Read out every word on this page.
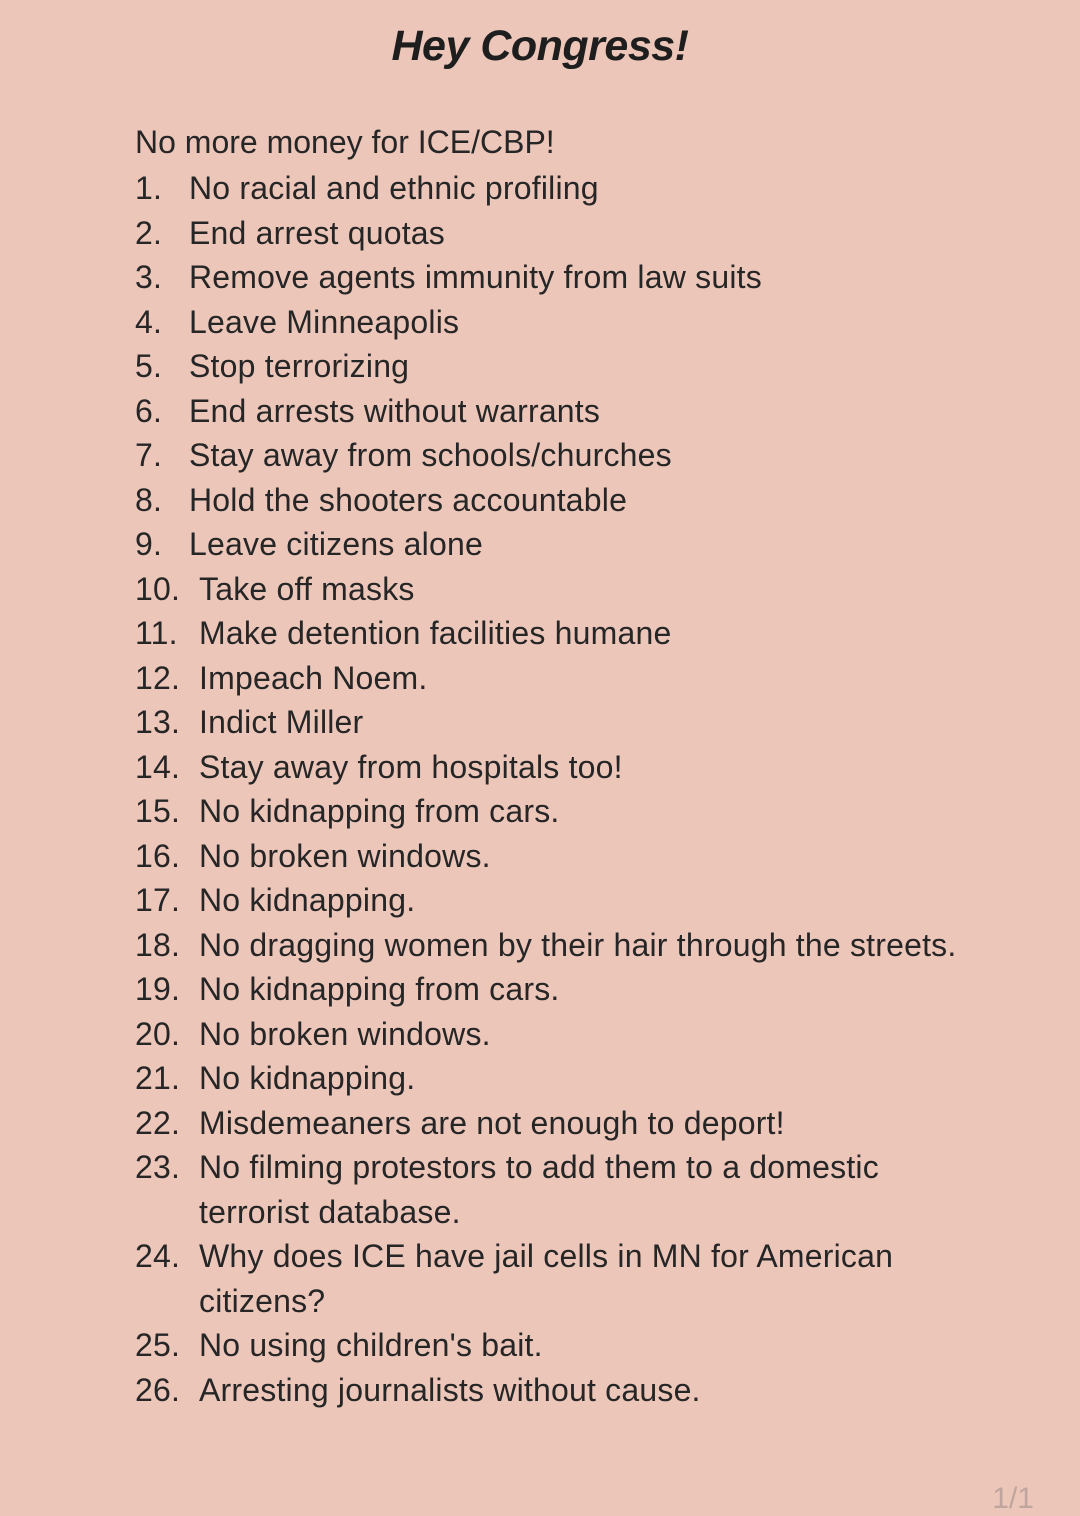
Hey Congress!

No more money for ICE/CBP!

1. No racial and ethnic profiling
2. End arrest quotas
3. Remove agents immunity from law suits
4. Leave Minneapolis
5. Stop terrorizing
6. End arrests without warrants
7. Stay away from schools/churches
8. Hold the shooters accountable
9. Leave citizens alone
10. Take off masks
11. Make detention facilities humane
12. Impeach Noem.
13. Indict Miller
14. Stay away from hospitals too!
15. No kidnapping from cars.
16. No broken windows.
17. No kidnapping.
18. No dragging women by their hair through the streets.
19. No kidnapping from cars.
20. No broken windows.
21. No kidnapping.
22. Misdemeaners are not enough to deport!
23. No filming protestors to add them to a domestic terrorist database.
24. Why does ICE have jail cells in MN for American citizens?
25. No using children's bait.
26. Arresting journalists without cause.
1/1
